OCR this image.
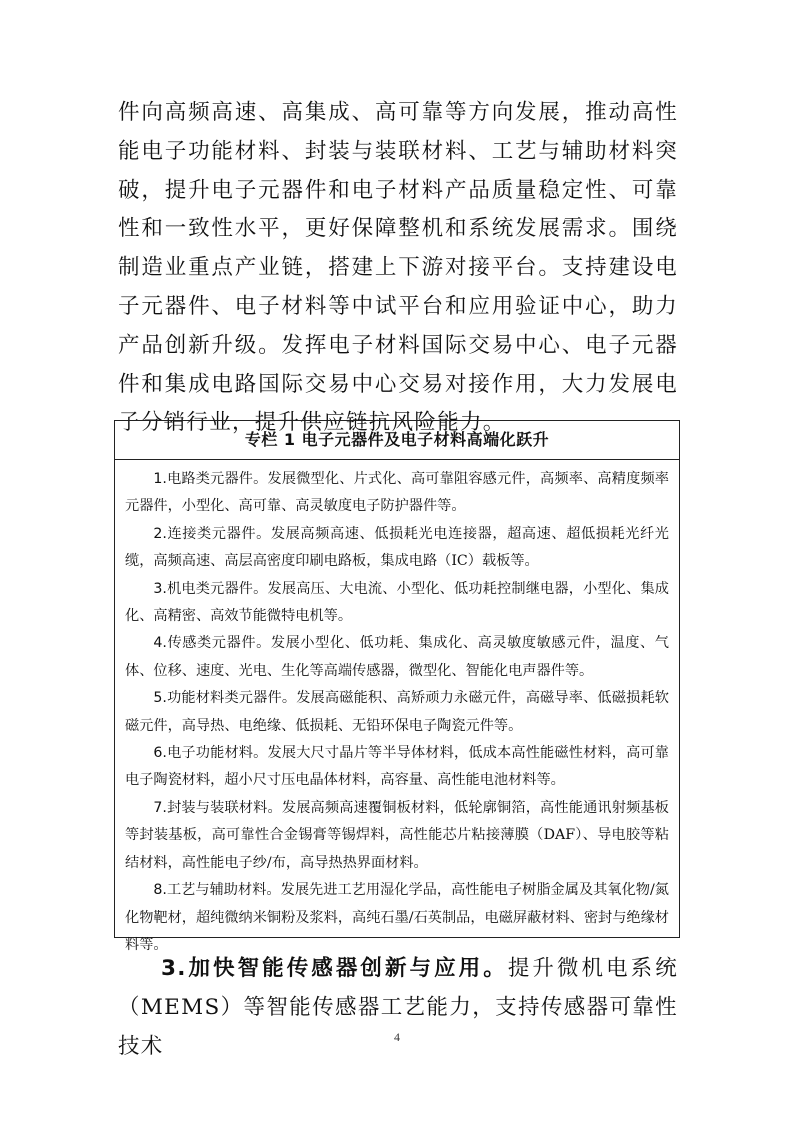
件向高频高速、高集成、高可靠等方向发展，推动高性能电子功能材料、封装与装联材料、工艺与辅助材料突破，提升电子元器件和电子材料产品质量稳定性、可靠性和一致性水平，更好保障整机和系统发展需求。围绕制造业重点产业链，搭建上下游对接平台。支持建设电子元器件、电子材料等中试平台和应用验证中心，助力产品创新升级。发挥电子材料国际交易中心、电子元器件和集成电路国际交易中心交易对接作用，大力发展电子分销行业，提升供应链抗风险能力。

专栏 1 电子元器件及电子材料高端化跃升

1.电路类元器件。发展微型化、片式化、高可靠阻容感元件，高频率、高精度频率元器件，小型化、高可靠、高灵敏度电子防护器件等。

2.连接类元器件。发展高频高速、低损耗光电连接器，超高速、超低损耗光纤光缆，高频高速、高层高密度印刷电路板，集成电路（IC）载板等。

3.机电类元器件。发展高压、大电流、小型化、低功耗控制继电器，小型化、集成化、高精密、高效节能微特电机等。

4.传感类元器件。发展小型化、低功耗、集成化、高灵敏度敏感元件，温度、气体、位移、速度、光电、生化等高端传感器，微型化、智能化电声器件等。

5.功能材料类元器件。发展高磁能积、高矫顽力永磁元件，高磁导率、低磁损耗软磁元件，高导热、电绝缘、低损耗、无铅环保电子陶瓷元件等。

6.电子功能材料。发展大尺寸晶片等半导体材料，低成本高性能磁性材料，高可靠电子陶瓷材料，超小尺寸压电晶体材料，高容量、高性能电池材料等。

7.封装与装联材料。发展高频高速覆铜板材料，低轮廓铜箔，高性能通讯射频基板等封装基板，高可靠性合金锡膏等锡焊料，高性能芯片粘接薄膜（DAF）、导电胶等粘结材料，高性能电子纱/布，高导热热界面材料。

8.工艺与辅助材料。发展先进工艺用湿化学品，高性能电子树脂金属及其氧化物/氮化物靶材，超纯微纳米铜粉及浆料，高纯石墨/石英制品，电磁屏蔽材料、密封与绝缘材料等。

3.加快智能传感器创新与应用。提升微机电系统（MEMS）等智能传感器工艺能力，支持传感器可靠性技术	4
